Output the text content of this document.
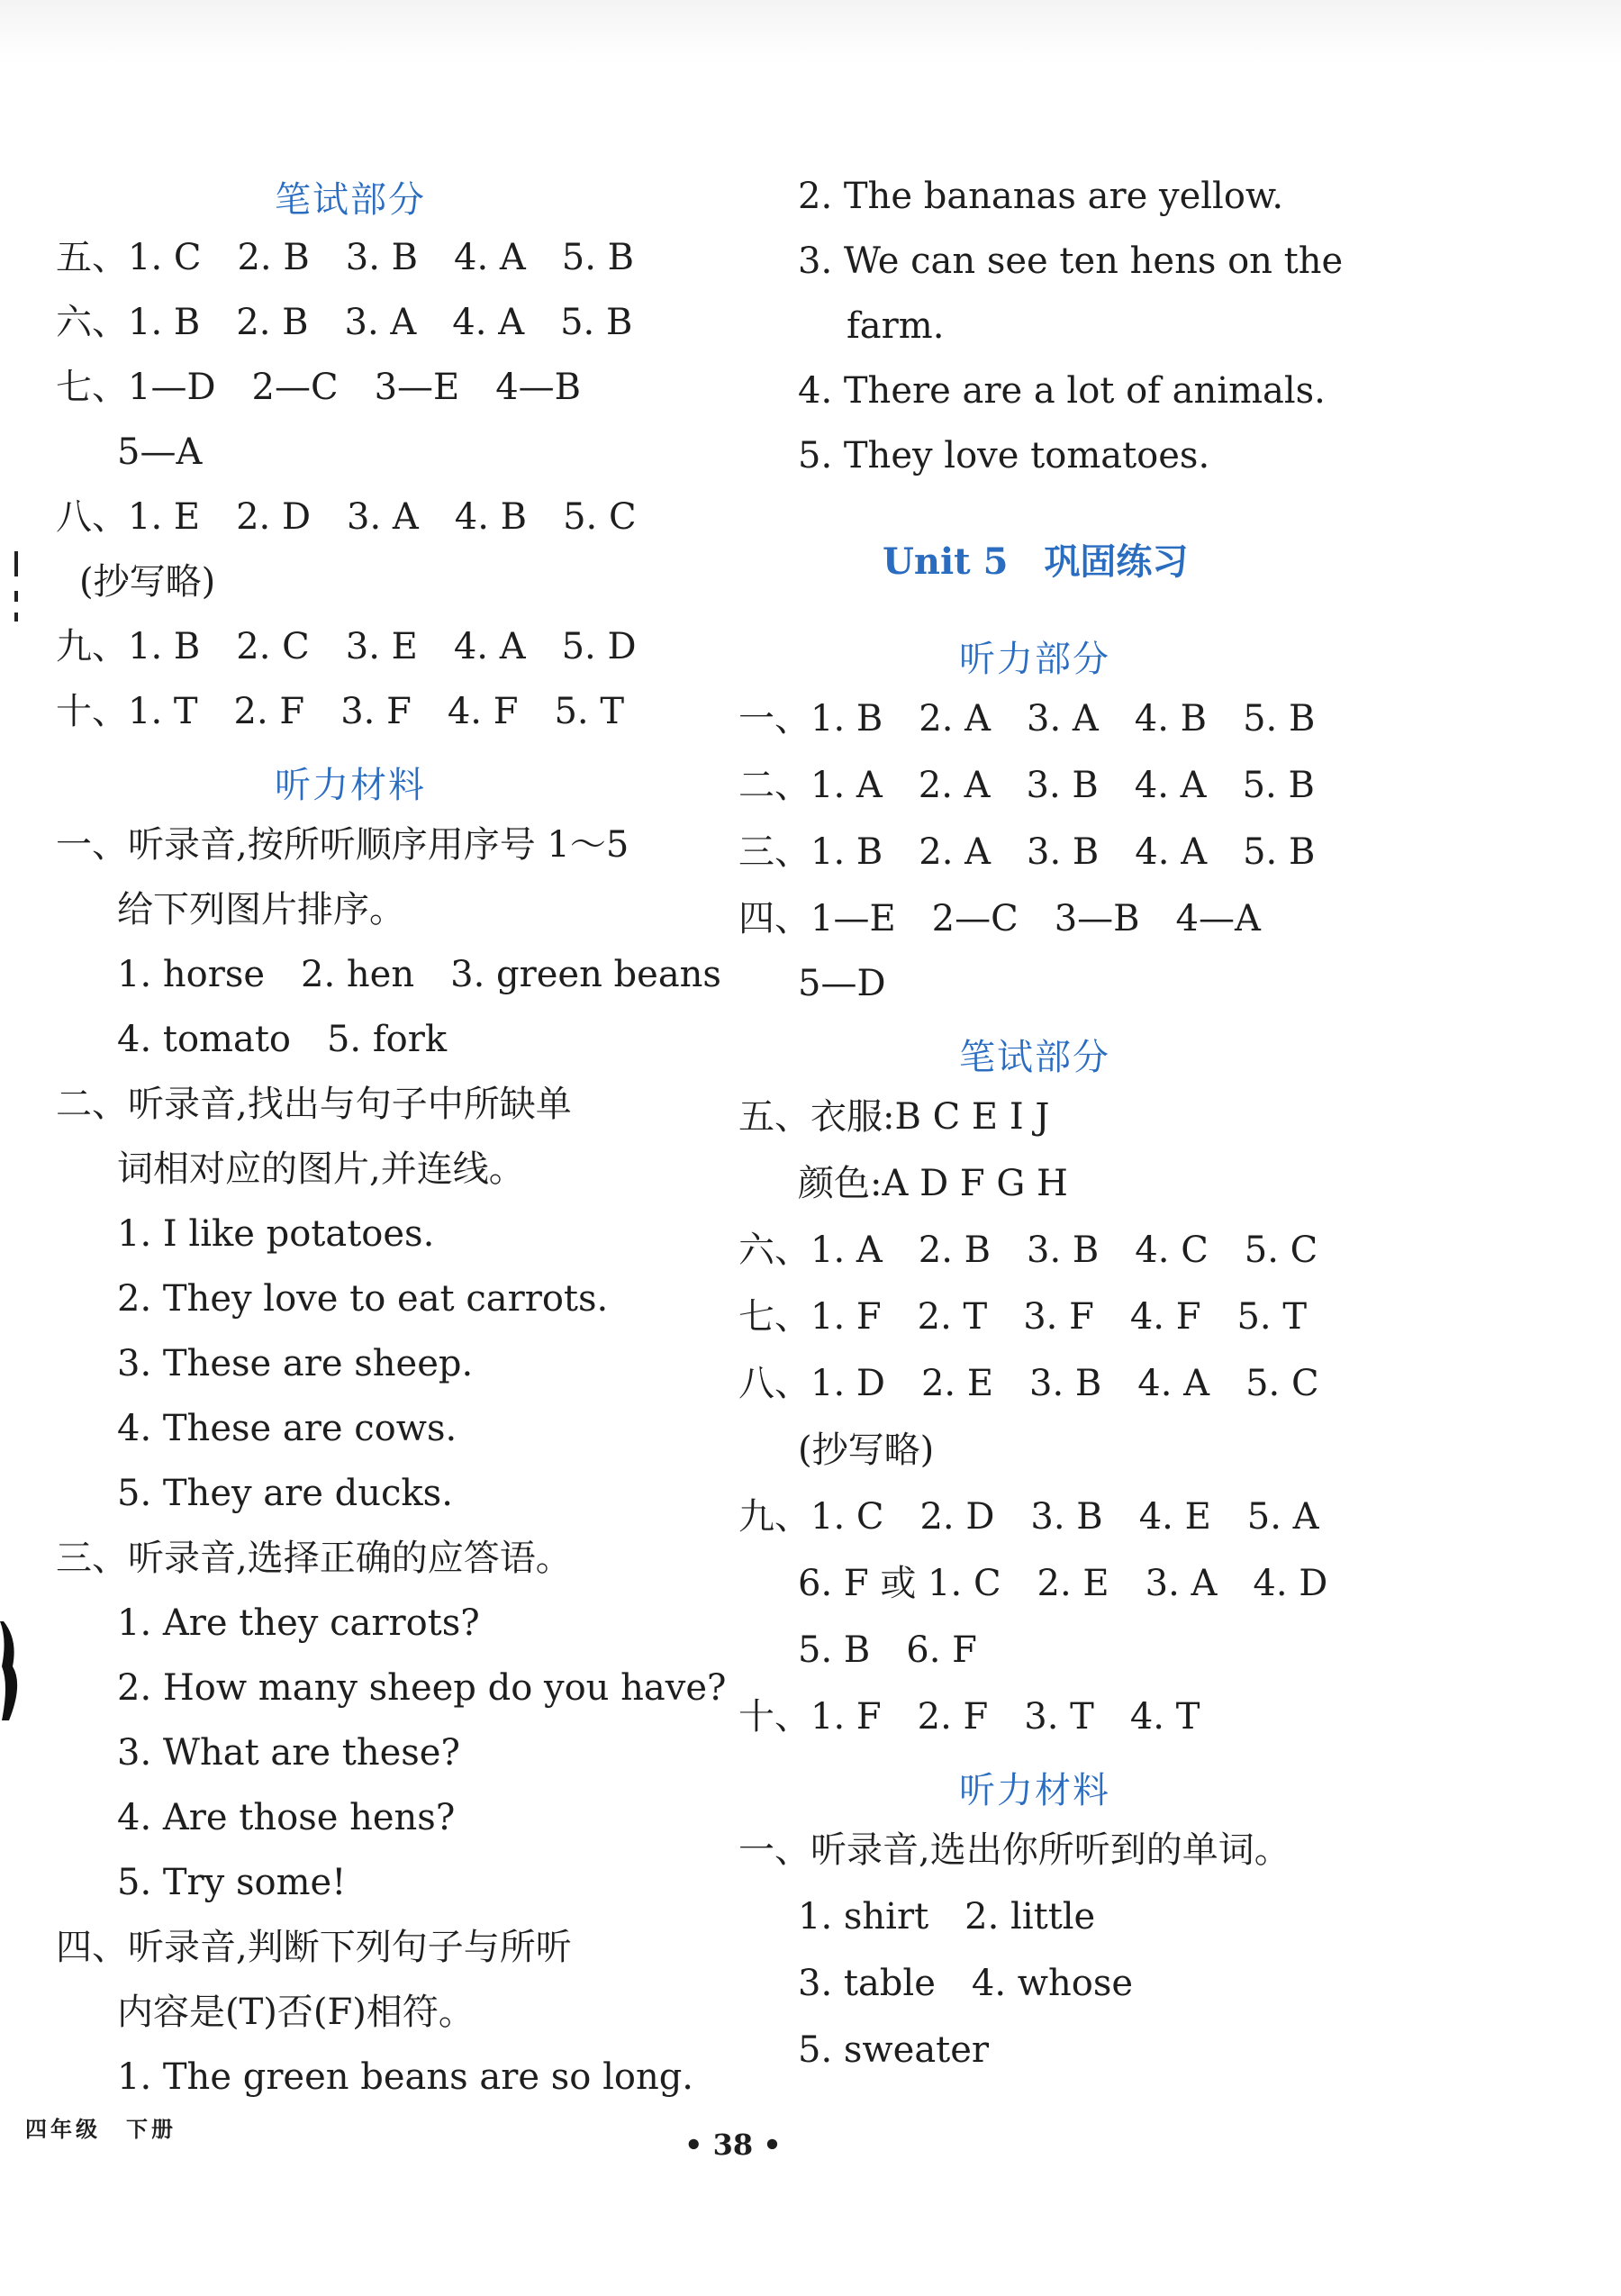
笔试部分
五、1. C　2. B　3. B　4. A　5. B
六、1. B　2. B　3. A　4. A　5. B
七、1—D　2—C　3—E　4—B
5—A
八、1. E　2. D　3. A　4. B　5. C
(抄写略)
九、1. B　2. C　3. E　4. A　5. D
十、1. T　2. F　3. F　4. F　5. T
听力材料
一、听录音,按所听顺序用序号 1～5
给下列图片排序。
1. horse　2. hen　3. green beans
4. tomato　5. fork
二、听录音,找出与句子中所缺单
词相对应的图片,并连线。
1. I like potatoes.
2. They love to eat carrots.
3. These are sheep.
4. These are cows.
5. They are ducks.
三、听录音,选择正确的应答语。
1. Are they carrots?
2. How many sheep do you have?
3. What are these?
4. Are those hens?
5. Try some!
四、听录音,判断下列句子与所听
内容是(T)否(F)相符。
1. The green beans are so long.
2. The bananas are yellow.
3. We can see ten hens on the
farm.
4. There are a lot of animals.
5. They love tomatoes.
Unit 5　巩固练习
听力部分
一、1. B　2. A　3. A　4. B　5. B
二、1. A　2. A　3. B　4. A　5. B
三、1. B　2. A　3. B　4. A　5. B
四、1—E　2—C　3—B　4—A
5—D
笔试部分
五、衣服:B C E I J
颜色:A D F G H
六、1. A　2. B　3. B　4. C　5. C
七、1. F　2. T　3. F　4. F　5. T
八、1. D　2. E　3. B　4. A　5. C
(抄写略)
九、1. C　2. D　3. B　4. E　5. A
6. F 或 1. C　2. E　3. A　4. D
5. B　6. F
十、1. F　2. F　3. T　4. T
听力材料
一、听录音,选出你所听到的单词。
1. shirt　2. little
3. table　4. whose
5. sweater
四年级　下册	• 38 •
